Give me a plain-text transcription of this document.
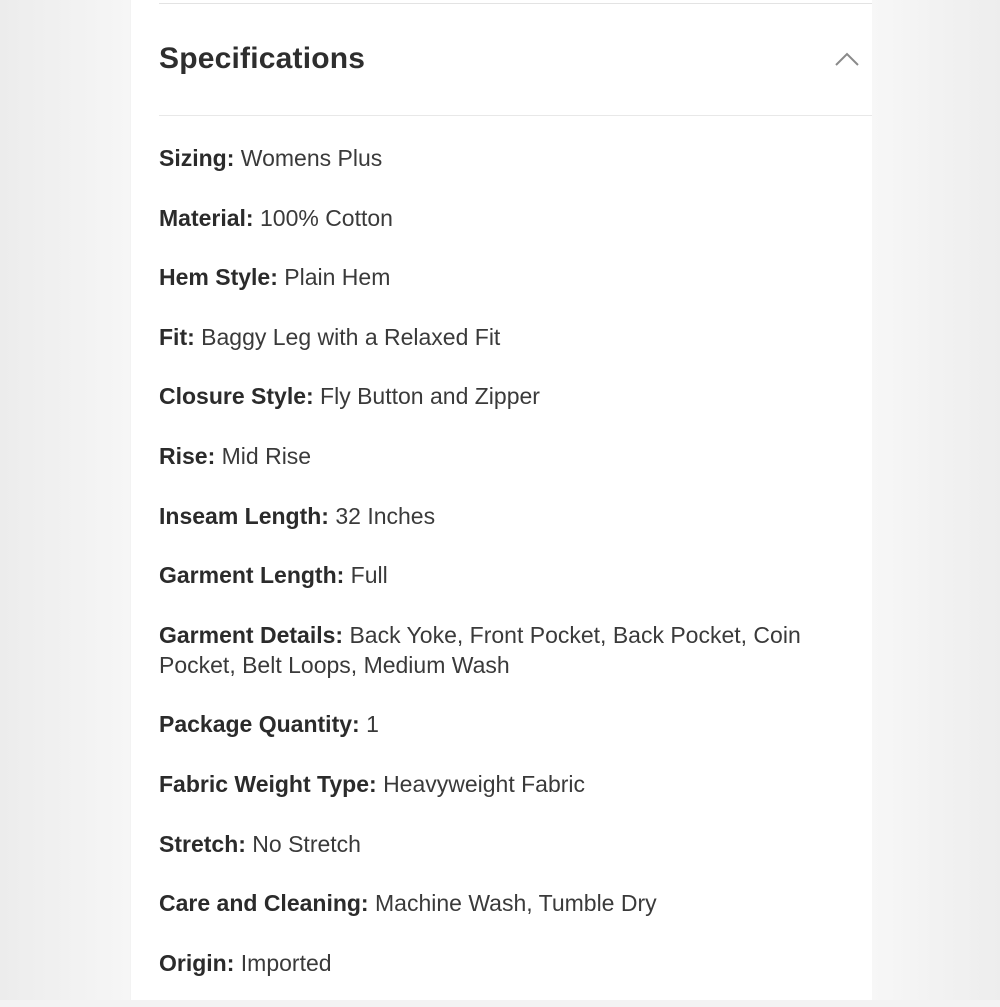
Specifications
Sizing: Womens Plus
Material: 100% Cotton
Hem Style: Plain Hem
Fit: Baggy Leg with a Relaxed Fit
Closure Style: Fly Button and Zipper
Rise: Mid Rise
Inseam Length: 32 Inches
Garment Length: Full
Garment Details: Back Yoke, Front Pocket, Back Pocket, Coin Pocket, Belt Loops, Medium Wash
Package Quantity: 1
Fabric Weight Type: Heavyweight Fabric
Stretch: No Stretch
Care and Cleaning: Machine Wash, Tumble Dry
Origin: Imported
